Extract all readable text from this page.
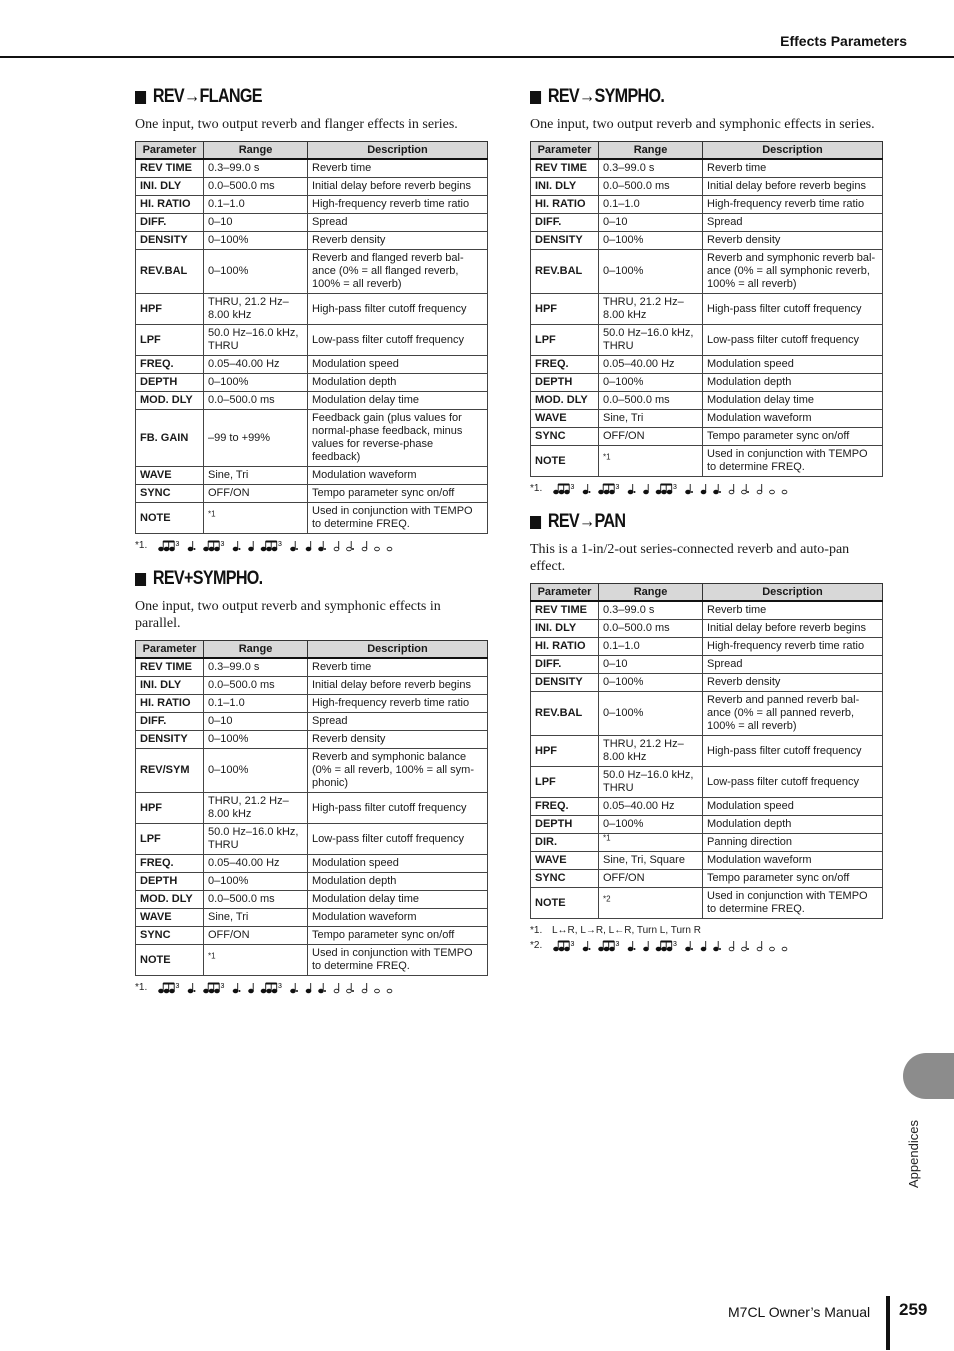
Effects Parameters
REV→FLANGE
One input, two output reverb and flanger effects in series.
Parameter	Range	Description
REV TIME	0.3–99.0 s	Reverb time
INI. DLY	0.0–500.0 ms	Initial delay before reverb begins
HI. RATIO	0.1–1.0	High-frequency reverb time ratio
DIFF.	0–10	Spread
DENSITY	0–100%	Reverb density
REV.BAL	0–100%	Reverb and flanged reverb bal-ance (0% = all flanged reverb, 100% = all reverb)
HPF	THRU, 21.2 Hz–8.00 kHz	High-pass filter cutoff frequency
LPF	50.0 Hz–16.0 kHz, THRU	Low-pass filter cutoff frequency
FREQ.	0.05–40.00 Hz	Modulation speed
DEPTH	0–100%	Modulation depth
MOD. DLY	0.0–500.0 ms	Modulation delay time
FB. GAIN	–99 to +99%	Feedback gain (plus values for normal-phase feedback, minus values for reverse-phase feedback)
WAVE	Sine, Tri	Modulation waveform
SYNC	OFF/ON	Tempo parameter sync on/off
NOTE	$^{*1}$	Used in conjunction with TEMPO to determine FREQ.
*1.	3	3	3
REV+SYMPHO.
One input, two output reverb and symphonic effects in parallel.
Parameter	Range	Description
REV TIME	0.3–99.0 s	Reverb time
INI. DLY	0.0–500.0 ms	Initial delay before reverb begins
HI. RATIO	0.1–1.0	High-frequency reverb time ratio
DIFF.	0–10	Spread
DENSITY	0–100%	Reverb density
REV/SYM	0–100%	Reverb and symphonic balance (0% = all reverb, 100% = all sym-phonic)
HPF	THRU, 21.2 Hz–8.00 kHz	High-pass filter cutoff frequency
LPF	50.0 Hz–16.0 kHz, THRU	Low-pass filter cutoff frequency
FREQ.	0.05–40.00 Hz	Modulation speed
DEPTH	0–100%	Modulation depth
MOD. DLY	0.0–500.0 ms	Modulation delay time
WAVE	Sine, Tri	Modulation waveform
SYNC	OFF/ON	Tempo parameter sync on/off
NOTE	$^{*1}$	Used in conjunction with TEMPO to determine FREQ.
*1.	3	3	3
REV→SYMPHO.
One input, two output reverb and symphonic effects in series.
Parameter	Range	Description
REV TIME	0.3–99.0 s	Reverb time
INI. DLY	0.0–500.0 ms	Initial delay before reverb begins
HI. RATIO	0.1–1.0	High-frequency reverb time ratio
DIFF.	0–10	Spread
DENSITY	0–100%	Reverb density
REV.BAL	0–100%	Reverb and symphonic reverb bal-ance (0% = all symphonic reverb, 100% = all reverb)
HPF	THRU, 21.2 Hz–8.00 kHz	High-pass filter cutoff frequency
LPF	50.0 Hz–16.0 kHz, THRU	Low-pass filter cutoff frequency
FREQ.	0.05–40.00 Hz	Modulation speed
DEPTH	0–100%	Modulation depth
MOD. DLY	0.0–500.0 ms	Modulation delay time
WAVE	Sine, Tri	Modulation waveform
SYNC	OFF/ON	Tempo parameter sync on/off
NOTE	$^{*1}$	Used in conjunction with TEMPO to determine FREQ.
*1.	3	3	3
REV→PAN
This is a 1-in/2-out series-connected reverb and auto-pan effect.
Parameter	Range	Description
REV TIME	0.3–99.0 s	Reverb time
INI. DLY	0.0–500.0 ms	Initial delay before reverb begins
HI. RATIO	0.1–1.0	High-frequency reverb time ratio
DIFF.	0–10	Spread
DENSITY	0–100%	Reverb density
REV.BAL	0–100%	Reverb and panned reverb bal-ance (0% = all panned reverb, 100% = all reverb)
HPF	THRU, 21.2 Hz–8.00 kHz	High-pass filter cutoff frequency
LPF	50.0 Hz–16.0 kHz, THRU	Low-pass filter cutoff frequency
FREQ.	0.05–40.00 Hz	Modulation speed
DEPTH	0–100%	Modulation depth
DIR.	$^{*1}$	Panning direction
WAVE	Sine, Tri, Square	Modulation waveform
SYNC	OFF/ON	Tempo parameter sync on/off
NOTE	$^{*2}$	Used in conjunction with TEMPO to determine FREQ.
*1. L↔R, L→R, L←R, Turn L, Turn R
*2.	3	3	3
Appendices
M7CL Owner’s Manual 259
